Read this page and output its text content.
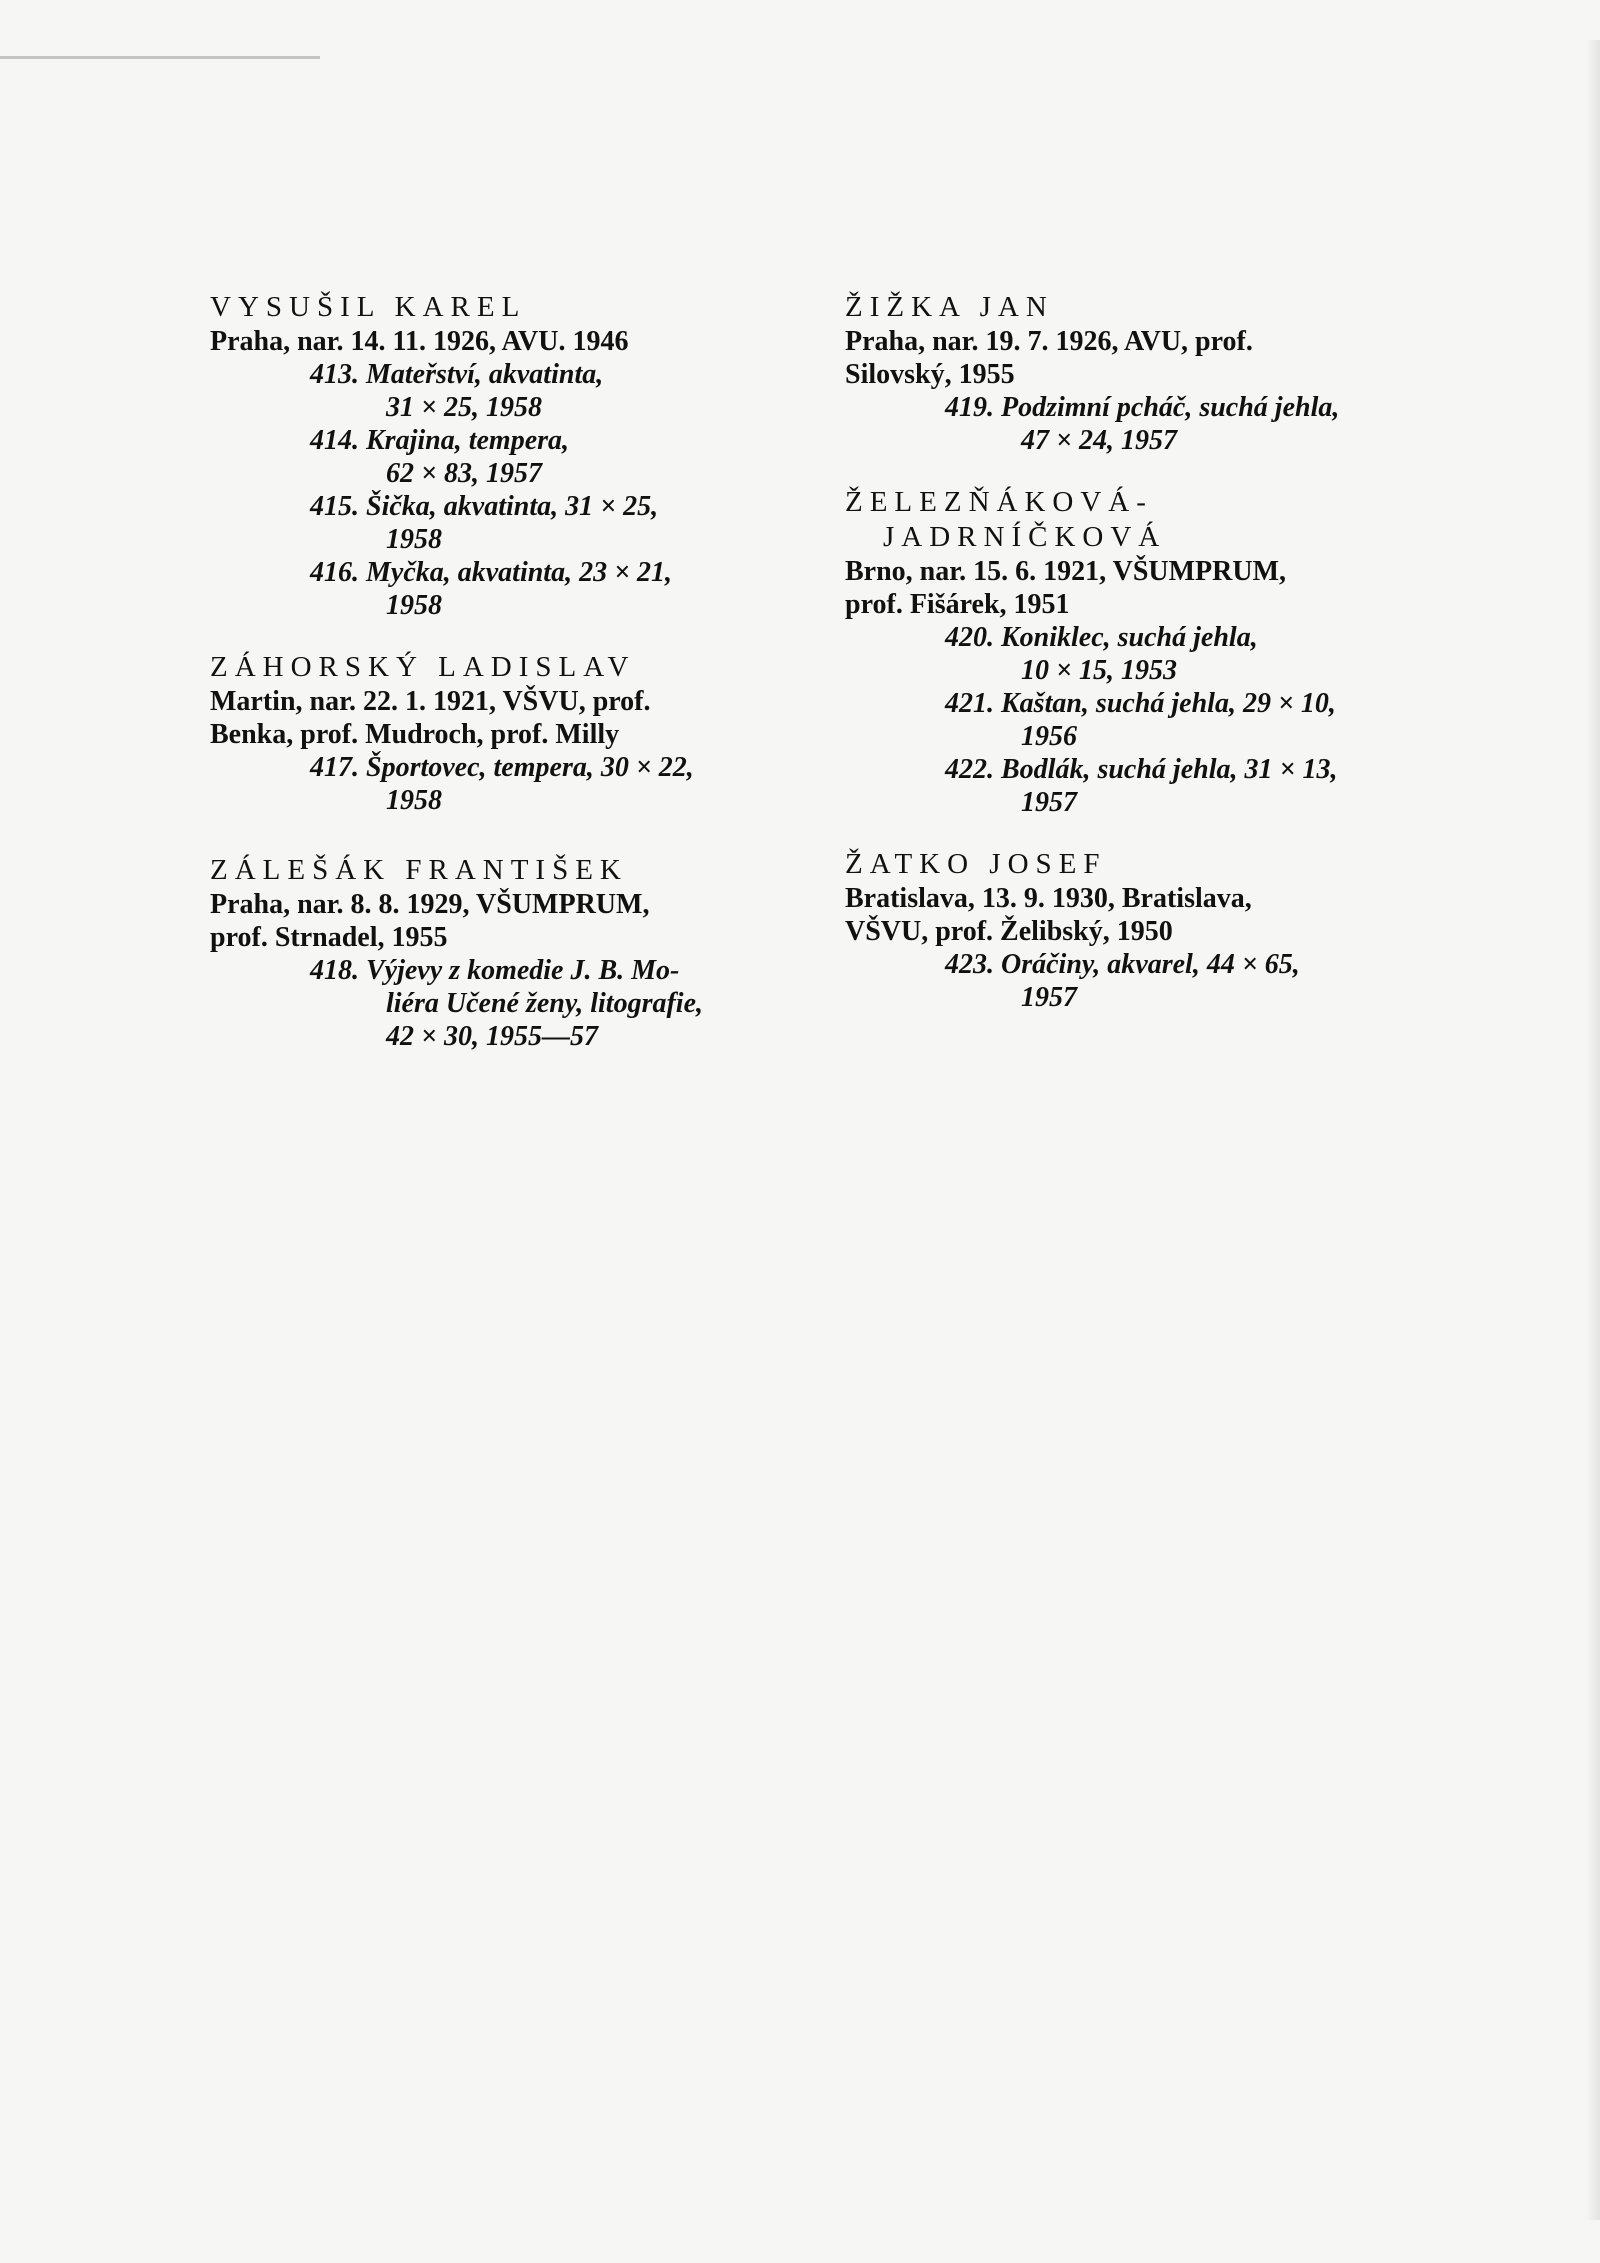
VYSUŠIL KAREL

Praha, nar. 14. 11. 1926, AVU. 1946

413. Mateřství, akvatinta,
31 × 25, 1958

414. Krajina, tempera,
62 × 83, 1957

415. Šička, akvatinta, 31 × 25,
1958

416. Myčka, akvatinta, 23 × 21,
1958

ZÁHORSKÝ LADISLAV

Martin, nar. 22. 1. 1921, VŠVU, prof.

Benka, prof. Mudroch, prof. Milly

417. Športovec, tempera, 30 × 22,
1958

ZÁLEŠÁK FRANTIŠEK

Praha, nar. 8. 8. 1929, VŠUMPRUM,

prof. Strnadel, 1955

418. Výjevy z komedie J. B. Mo-
liéra Učené ženy, litografie,
42 × 30, 1955—57

ŽIŽKA JAN

Praha, nar. 19. 7. 1926, AVU, prof.

Silovský, 1955

419. Podzimní pcháč, suchá jehla,
47 × 24, 1957

ŽELEZŇÁKOVÁ-

JADRNÍČKOVÁ

Brno, nar. 15. 6. 1921, VŠUMPRUM,

prof. Fišárek, 1951

420. Koniklec, suchá jehla,
10 × 15, 1953

421. Kaštan, suchá jehla, 29 × 10,
1956

422. Bodlák, suchá jehla, 31 × 13,
1957

ŽATKO JOSEF

Bratislava, 13. 9. 1930, Bratislava,

VŠVU, prof. Želibský, 1950

423. Oráčiny, akvarel, 44 × 65,
1957
